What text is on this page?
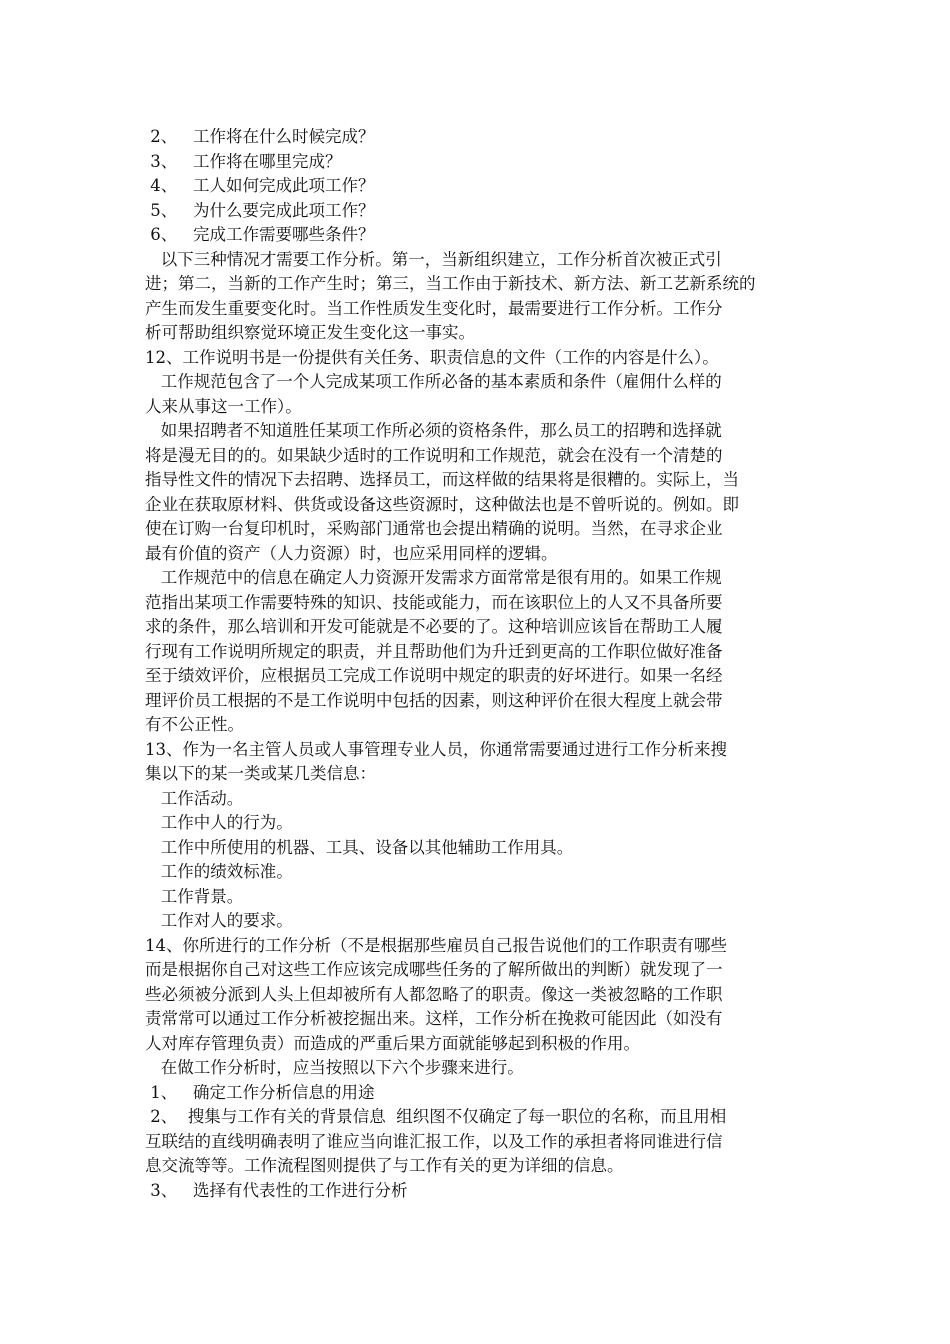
2、   工作将在什么时候完成？
3、   工作将在哪里完成？
4、   工人如何完成此项工作？
5、   为什么要完成此项工作？
6、   完成工作需要哪些条件？
以下三种情况才需要工作分析。第一，当新组织建立，工作分析首次被正式引
进；第二，当新的工作产生时；第三，当工作由于新技术、新方法、新工艺新系统的
产生而发生重要变化时。当工作性质发生变化时，最需要进行工作分析。工作分
析可帮助组织察觉环境正发生变化这一事实。
12、工作说明书是一份提供有关任务、职责信息的文件（工作的内容是什么）。
工作规范包含了一个人完成某项工作所必备的基本素质和条件（雇佣什么样的
人来从事这一工作）。
如果招聘者不知道胜任某项工作所必须的资格条件，那么员工的招聘和选择就
将是漫无目的的。如果缺少适时的工作说明和工作规范，就会在没有一个清楚的
指导性文件的情况下去招聘、选择员工，而这样做的结果将是很糟的。实际上，当
企业在获取原材料、供货或设备这些资源时，这种做法也是不曾听说的。例如。即
使在订购一台复印机时，采购部门通常也会提出精确的说明。当然，在寻求企业
最有价值的资产（人力资源）时，也应采用同样的逻辑。
工作规范中的信息在确定人力资源开发需求方面常常是很有用的。如果工作规
范指出某项工作需要特殊的知识、技能或能力，而在该职位上的人又不具备所要
求的条件，那么培训和开发可能就是不必要的了。这种培训应该旨在帮助工人履
行现有工作说明所规定的职责，并且帮助他们为升迁到更高的工作职位做好准备
至于绩效评价，应根据员工完成工作说明中规定的职责的好坏进行。如果一名经
理评价员工根据的不是工作说明中包括的因素，则这种评价在很大程度上就会带
有不公正性。
13、作为一名主管人员或人事管理专业人员，你通常需要通过进行工作分析来搜
集以下的某一类或某几类信息：
工作活动。
工作中人的行为。
工作中所使用的机器、工具、设备以其他辅助工作用具。
工作的绩效标准。
工作背景。
工作对人的要求。
14、你所进行的工作分析（不是根据那些雇员自己报告说他们的工作职责有哪些
而是根据你自己对这些工作应该完成哪些任务的了解所做出的判断）就发现了一
些必须被分派到人头上但却被所有人都忽略了的职责。像这一类被忽略的工作职
责常常可以通过工作分析被挖掘出来。这样，工作分析在挽救可能因此（如没有
人对库存管理负责）而造成的严重后果方面就能够起到积极的作用。
在做工作分析时，应当按照以下六个步骤来进行。
1、   确定工作分析信息的用途
2、  搜集与工作有关的背景信息  组织图不仅确定了每一职位的名称，而且用相
互联结的直线明确表明了谁应当向谁汇报工作，以及工作的承担者将同谁进行信
息交流等等。工作流程图则提供了与工作有关的更为详细的信息。
3、   选择有代表性的工作进行分析
